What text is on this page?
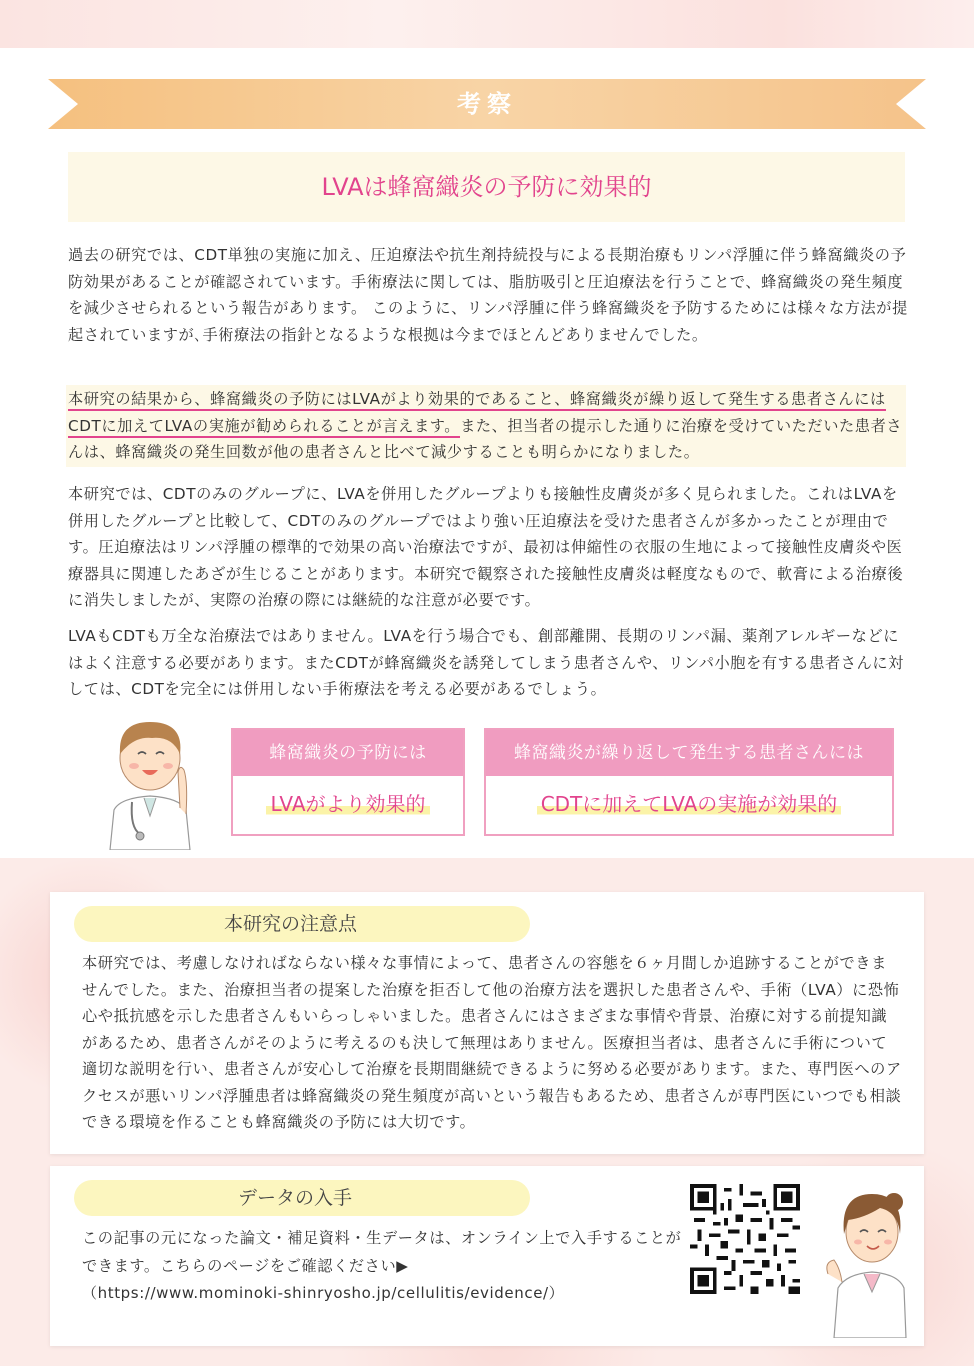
考察
LVAは蜂窩織炎の予防に効果的

過去の研究では、CDT単独の実施に加え、圧迫療法や抗生剤持続投与による長期治療もリンパ浮腫に伴う蜂窩織炎の予防効果があることが確認されています。手術療法に関しては、脂肪吸引と圧迫療法を行うことで、蜂窩織炎の発生頻度を減少させられるという報告があります。 このように、リンパ浮腫に伴う蜂窩織炎を予防するためには様々な方法が提起されていますが､手術療法の指針となるような根拠は今までほとんどありませんでした。

本研究の結果から、蜂窩織炎の予防にはLVAがより効果的であること、蜂窩織炎が繰り返して発生する患者さんにはCDTに加えてLVAの実施が勧められることが言えます。また、担当者の提示した通りに治療を受けていただいた患者さんは、蜂窩織炎の発生回数が他の患者さんと比べて減少することも明らかになりました。

本研究では、CDTのみのグループに、LVAを併用したグループよりも接触性皮膚炎が多く見られました。これはLVAを併用したグループと比較して、CDTのみのグループではより強い圧迫療法を受けた患者さんが多かったことが理由です。圧迫療法はリンパ浮腫の標準的で効果の高い治療法ですが、最初は伸縮性の衣服の生地によって接触性皮膚炎や医療器具に関連したあざが生じることがあります。本研究で観察された接触性皮膚炎は軽度なもので、軟膏による治療後に消失しましたが、実際の治療の際には継続的な注意が必要です。

LVAもCDTも万全な治療法ではありません。LVAを行う場合でも、創部離開、長期のリンパ漏、薬剤アレルギーなどにはよく注意する必要があります。またCDTが蜂窩織炎を誘発してしまう患者さんや、リンパ小胞を有する患者さんに対しては、CDTを完全には併用しない手術療法を考える必要があるでしょう。

蜂窩織炎の予防には
LVAがより効果的
蜂窩織炎が繰り返して発生する患者さんには
CDTに加えてLVAの実施が効果的
本研究の注意点

本研究では、考慮しなければならない様々な事情によって、患者さんの容態を６ヶ月間しか追跡することができませんでした。また、治療担当者の提案した治療を拒否して他の治療方法を選択した患者さんや、手術（LVA）に恐怖心や抵抗感を示した患者さんもいらっしゃいました。患者さんにはさまざまな事情や背景、治療に対する前提知識があるため、患者さんがそのように考えるのも決して無理はありません。医療担当者は、患者さんに手術について適切な説明を行い、患者さんが安心して治療を長期間継続できるように努める必要があります。また、専門医へのアクセスが悪いリンパ浮腫患者は蜂窩織炎の発生頻度が高いという報告もあるため、患者さんが専門医にいつでも相談できる環境を作ることも蜂窩織炎の予防には大切です。

データの入手

この記事の元になった論文・補足資料・生データは、オンライン上で入手することができます。こちらのページをご確認ください▶

（https://www.mominoki-shinryosho.jp/cellulitis/evidence/）
